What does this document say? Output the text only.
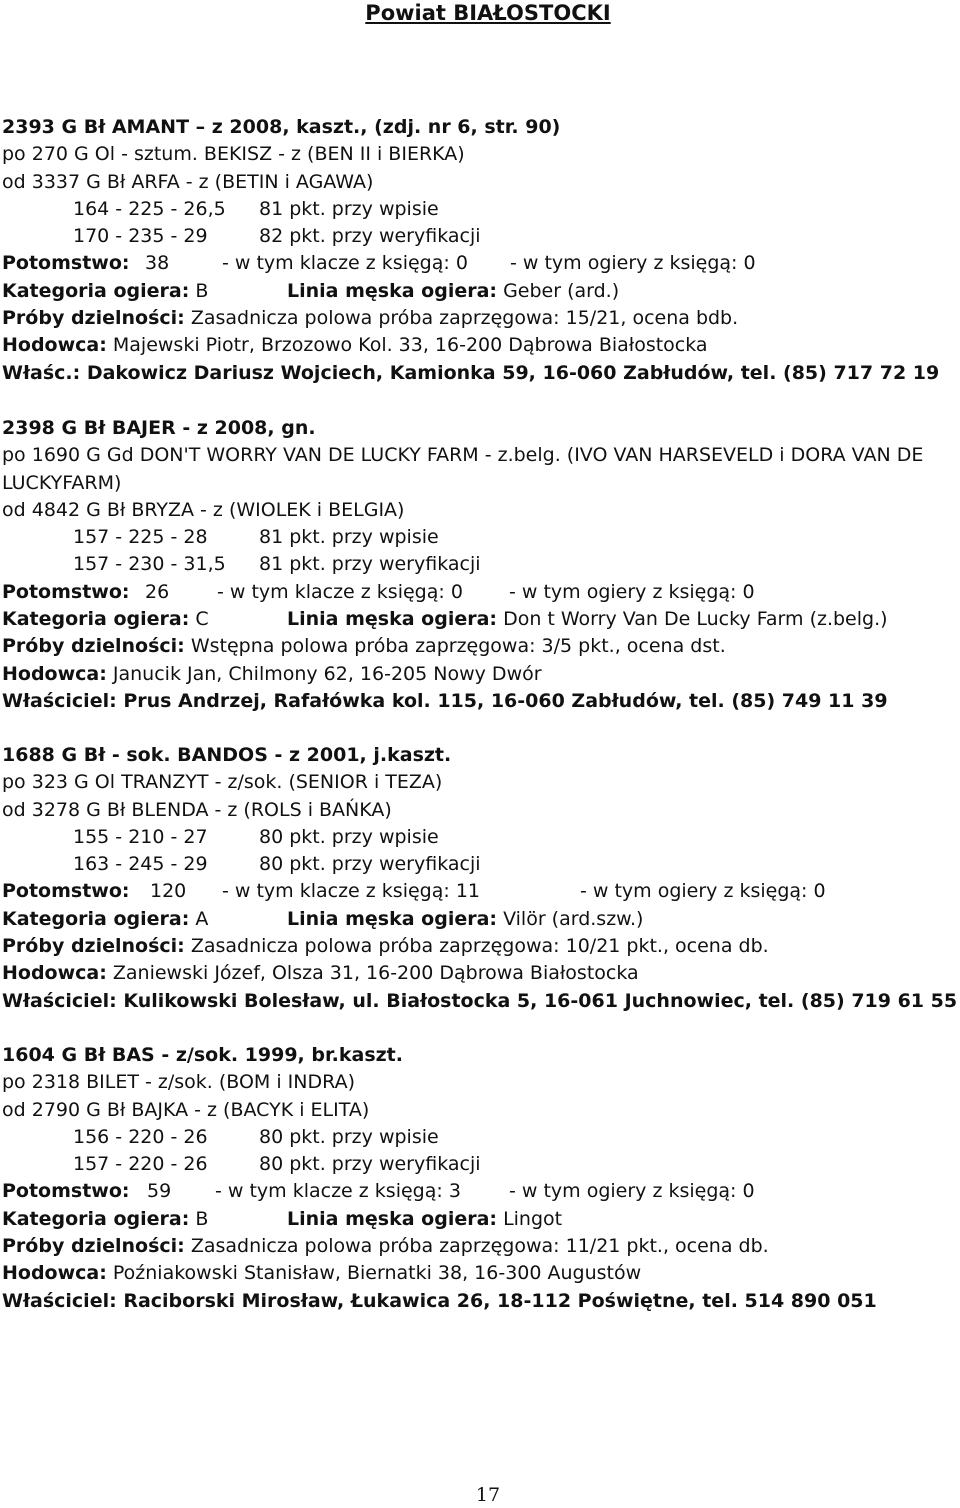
Powiat BIAŁOSTOCKI
2393 G Bł AMANT – z 2008, kaszt., (zdj. nr 6, str. 90)
po 270 G Ol - sztum. BEKISZ - z (BEN II i BIERKA)
od 3337 G Bł ARFA - z (BETIN i AGAWA)
164 - 225 - 26,5 81 pkt. przy wpisie
170 - 235 - 29	82 pkt. przy weryfikacji
Potomstwo: 38	- w tym klacze z księgą: 0 - w tym ogiery z księgą: 0
Kategoria ogiera: B	Linia męska ogiera: Geber (ard.)
Próby dzielności: Zasadnicza polowa próba zaprzęgowa: 15/21, ocena bdb.
Hodowca: Majewski Piotr, Brzozowo Kol. 33, 16-200 Dąbrowa Białostocka
Właśc.: Dakowicz Dariusz Wojciech, Kamionka 59, 16-060 Zabłudów, tel. (85) 717 72 19
2398 G Bł BAJER - z 2008, gn.
po 1690 G Gd DON'T WORRY VAN DE LUCKY FARM - z.belg. (IVO VAN HARSEVELD i DORA VAN DE LUCKYFARM)
od 4842 G Bł BRYZA - z (WIOLEK i BELGIA)
157 - 225 - 28	81 pkt. przy wpisie
157 - 230 - 31,5 81 pkt. przy weryfikacji
Potomstwo: 26	- w tym klacze z księgą: 0 - w tym ogiery z księgą: 0
Kategoria ogiera: C	Linia męska ogiera: Don t Worry Van De Lucky Farm (z.belg.)
Próby dzielności: Wstępna polowa próba zaprzęgowa: 3/5 pkt., ocena dst.
Hodowca: Janucik Jan, Chilmony 62, 16-205 Nowy Dwór
Właściciel: Prus Andrzej, Rafałówka kol. 115, 16-060 Zabłudów, tel. (85) 749 11 39
1688 G Bł - sok. BANDOS - z 2001, j.kaszt.
po 323 G Ol TRANZYT - z/sok. (SENIOR i TEZA)
od 3278 G Bł BLENDA - z (ROLS i BAŃKA)
155 - 210 - 27	80 pkt. przy wpisie
163 - 245 - 29	80 pkt. przy weryfikacji
Potomstwo: 120 - w tym klacze z księgą: 11	- w tym ogiery z księgą: 0
Kategoria ogiera: A	Linia męska ogiera: Vilör (ard.szw.)
Próby dzielności: Zasadnicza polowa próba zaprzęgowa: 10/21 pkt., ocena db.
Hodowca: Zaniewski Józef, Olsza 31, 16-200 Dąbrowa Białostocka
Właściciel: Kulikowski Bolesław, ul. Białostocka 5, 16-061 Juchnowiec, tel. (85) 719 61 55
1604 G Bł BAS - z/sok. 1999, br.kaszt.
po 2318 BILET - z/sok. (BOM i INDRA)
od 2790 G Bł BAJKA - z (BACYK i ELITA)
156 - 220 - 26	80 pkt. przy wpisie
157 - 220 - 26	80 pkt. przy weryfikacji
Potomstwo: 59 - w tym klacze z księgą: 3	- w tym ogiery z księgą: 0
Kategoria ogiera: B	Linia męska ogiera: Lingot
Próby dzielności: Zasadnicza polowa próba zaprzęgowa: 11/21 pkt., ocena db.
Hodowca: Poźniakowski Stanisław, Biernatki 38, 16-300 Augustów
Właściciel: Raciborski Mirosław, Łukawica 26, 18-112 Poświętne, tel. 514 890 051
17
